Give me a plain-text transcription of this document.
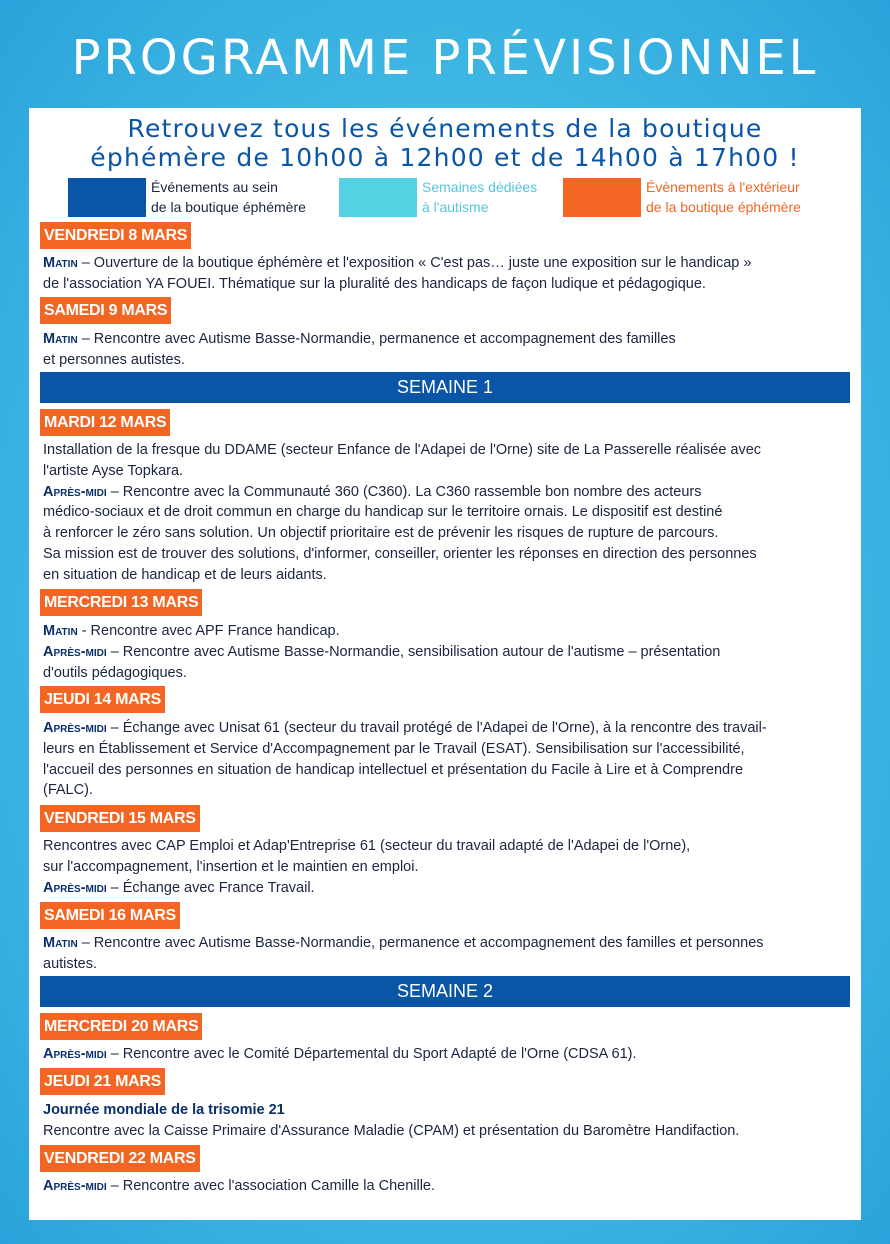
PROGRAMME PRÉVISIONNEL
Retrouvez tous les événements de la boutique
éphémère de 10h00 à 12h00 et de 14h00 à 17h00 !
Événements au sein
de la boutique éphémère
Semaines dédiées
à l'autisme
Évènements à l'extérieur
de la boutique éphémère
VENDREDI 8 MARS

Matin – Ouverture de la boutique éphémère et l'exposition « C'est pas… juste une exposition sur le handicap »

de l'association YA FOUEI. Thématique sur la pluralité des handicaps de façon ludique et pédagogique.

SAMEDI 9 MARS

Matin – Rencontre avec Autisme Basse-Normandie, permanence et accompagnement des familles

et personnes autistes.

SEMAINE 1
MARDI 12 MARS

Installation de la fresque du DDAME (secteur Enfance de l'Adapei de l'Orne) site de La Passerelle réalisée avec

l'artiste Ayse Topkara.

Après-midi – Rencontre avec la Communauté 360 (C360). La C360 rassemble bon nombre des acteurs

médico-sociaux et de droit commun en charge du handicap sur le territoire ornais. Le dispositif est destiné

à renforcer le zéro sans solution. Un objectif prioritaire est de prévenir les risques de rupture de parcours.

Sa mission est de trouver des solutions, d'informer, conseiller, orienter les réponses en direction des personnes

en situation de handicap et de leurs aidants.

MERCREDI 13 MARS

Matin - Rencontre avec APF France handicap.

Après-midi – Rencontre avec Autisme Basse-Normandie, sensibilisation autour de l'autisme – présentation

d'outils pédagogiques.

JEUDI 14 MARS

Après-midi – Échange avec Unisat 61 (secteur du travail protégé de l'Adapei de l'Orne), à la rencontre des travail-

leurs en Établissement et Service d'Accompagnement par le Travail (ESAT). Sensibilisation sur l'accessibilité,

l'accueil des personnes en situation de handicap intellectuel et présentation du Facile à Lire et à Comprendre

(FALC).

VENDREDI 15 MARS

Rencontres avec CAP Emploi et Adap'Entreprise 61 (secteur du travail adapté de l'Adapei de l'Orne),

sur l'accompagnement, l'insertion et le maintien en emploi.

Après-midi – Échange avec France Travail.

SAMEDI 16 MARS

Matin – Rencontre avec Autisme Basse-Normandie, permanence et accompagnement des familles et personnes

autistes.

SEMAINE 2
MERCREDI 20 MARS

Après-midi – Rencontre avec le Comité Départemental du Sport Adapté de l'Orne (CDSA 61).

JEUDI 21 MARS

Journée mondiale de la trisomie 21

Rencontre avec la Caisse Primaire d'Assurance Maladie (CPAM) et présentation du Baromètre Handifaction.

VENDREDI 22 MARS

Après-midi – Rencontre avec l'association Camille la Chenille.
